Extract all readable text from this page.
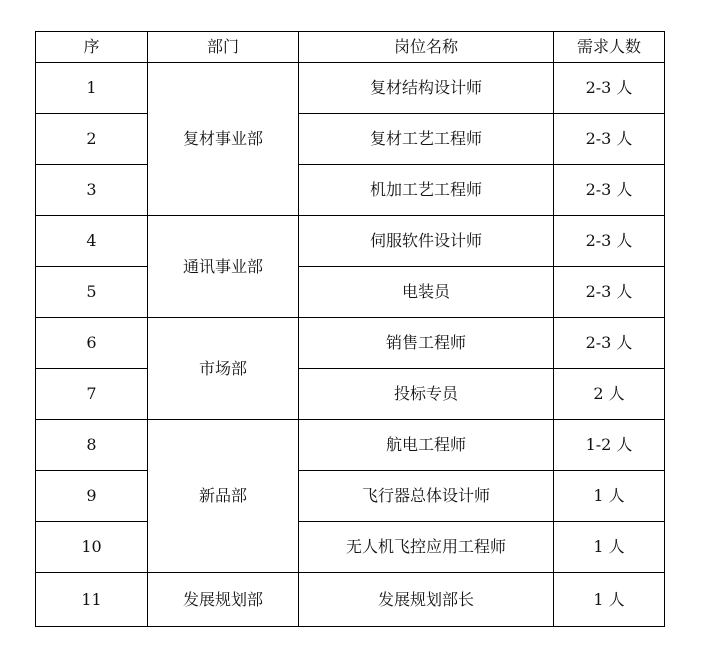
序	部门	岗位名称	需求人数
1	复材事业部	复材结构设计师	2-3 人
2		复材工艺工程师	2-3 人
3		机加工艺工程师	2-3 人
4	通讯事业部	伺服软件设计师	2-3 人
5		电装员	2-3 人
6	市场部	销售工程师	2-3 人
7		投标专员	2 人
8	新品部	航电工程师	1-2 人
9		飞行器总体设计师	1 人
10		无人机飞控应用工程师	1 人
11	发展规划部	发展规划部长	1 人
